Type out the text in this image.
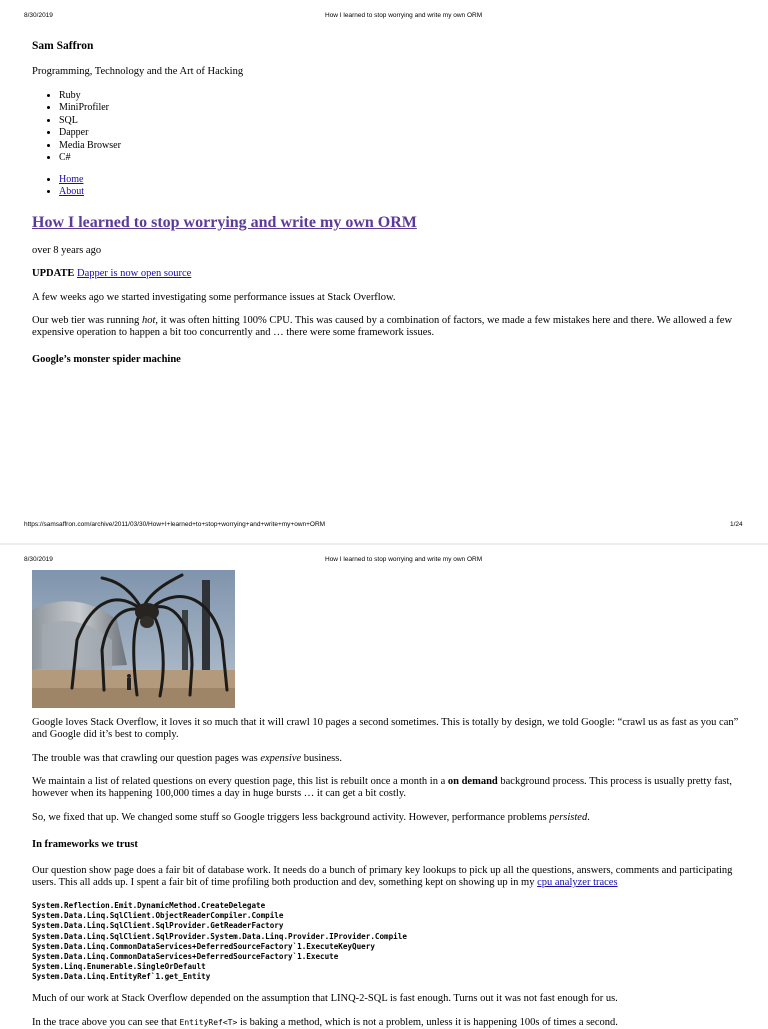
8/30/2019	How I learned to stop worrying and write my own ORM
Sam Saffron
Programming, Technology and the Art of Hacking
• Ruby
• MiniProfiler
• SQL
• Dapper
• Media Browser
• C#
• Home
• About
How I learned to stop worrying and write my own ORM
over 8 years ago
UPDATE Dapper is now open source

A few weeks ago we started investigating some performance issues at Stack Overflow.

Our web tier was running hot, it was often hitting 100% CPU. This was caused by a combination of factors, we made a few mistakes here and there. We allowed a few expensive operation to happen a bit too concurrently and … there were some framework issues.

Google’s monster spider machine
https://samsaffron.com/archive/2011/03/30/How+I+learned+to+stop+worrying+and+write+my+own+ORM	1/24
8/30/2019	How I learned to stop worrying and write my own ORM

Google loves Stack Overflow, it loves it so much that it will crawl 10 pages a second sometimes. This is totally by design, we told Google: “crawl us as fast as you can” and Google did it’s best to comply.

The trouble was that crawling our question pages was expensive business.

We maintain a list of related questions on every question page, this list is rebuilt once a month in a on demand background process. This process is usually pretty fast, however when its happening 100,000 times a day in huge bursts … it can get a bit costly.

So, we fixed that up. We changed some stuff so Google triggers less background activity. However, performance problems persisted.

In frameworks we trust

Our question show page does a fair bit of database work. It needs do a bunch of primary key lookups to pick up all the questions, answers, comments and participating users. This all adds up. I spent a fair bit of time profiling both production and dev, something kept on showing up in my cpu analyzer traces

System.Reflection.Emit.DynamicMethod.CreateDelegate
System.Data.Linq.SqlClient.ObjectReaderCompiler.Compile
System.Data.Linq.SqlClient.SqlProvider.GetReaderFactory
System.Data.Linq.SqlClient.SqlProvider.System.Data.Linq.Provider.IProvider.Compile
System.Data.Linq.CommonDataServices+DeferredSourceFactory`1.ExecuteKeyQuery
System.Data.Linq.CommonDataServices+DeferredSourceFactory`1.Execute
System.Linq.Enumerable.SingleOrDefault
System.Data.Linq.EntityRef`1.get_Entity

Much of our work at Stack Overflow depended on the assumption that LINQ-2-SQL is fast enough. Turns out it was not fast enough for us.

In the trace above you can see that EntityRef<T> is baking a method, which is not a problem, unless it is happening 100s of times a second.
